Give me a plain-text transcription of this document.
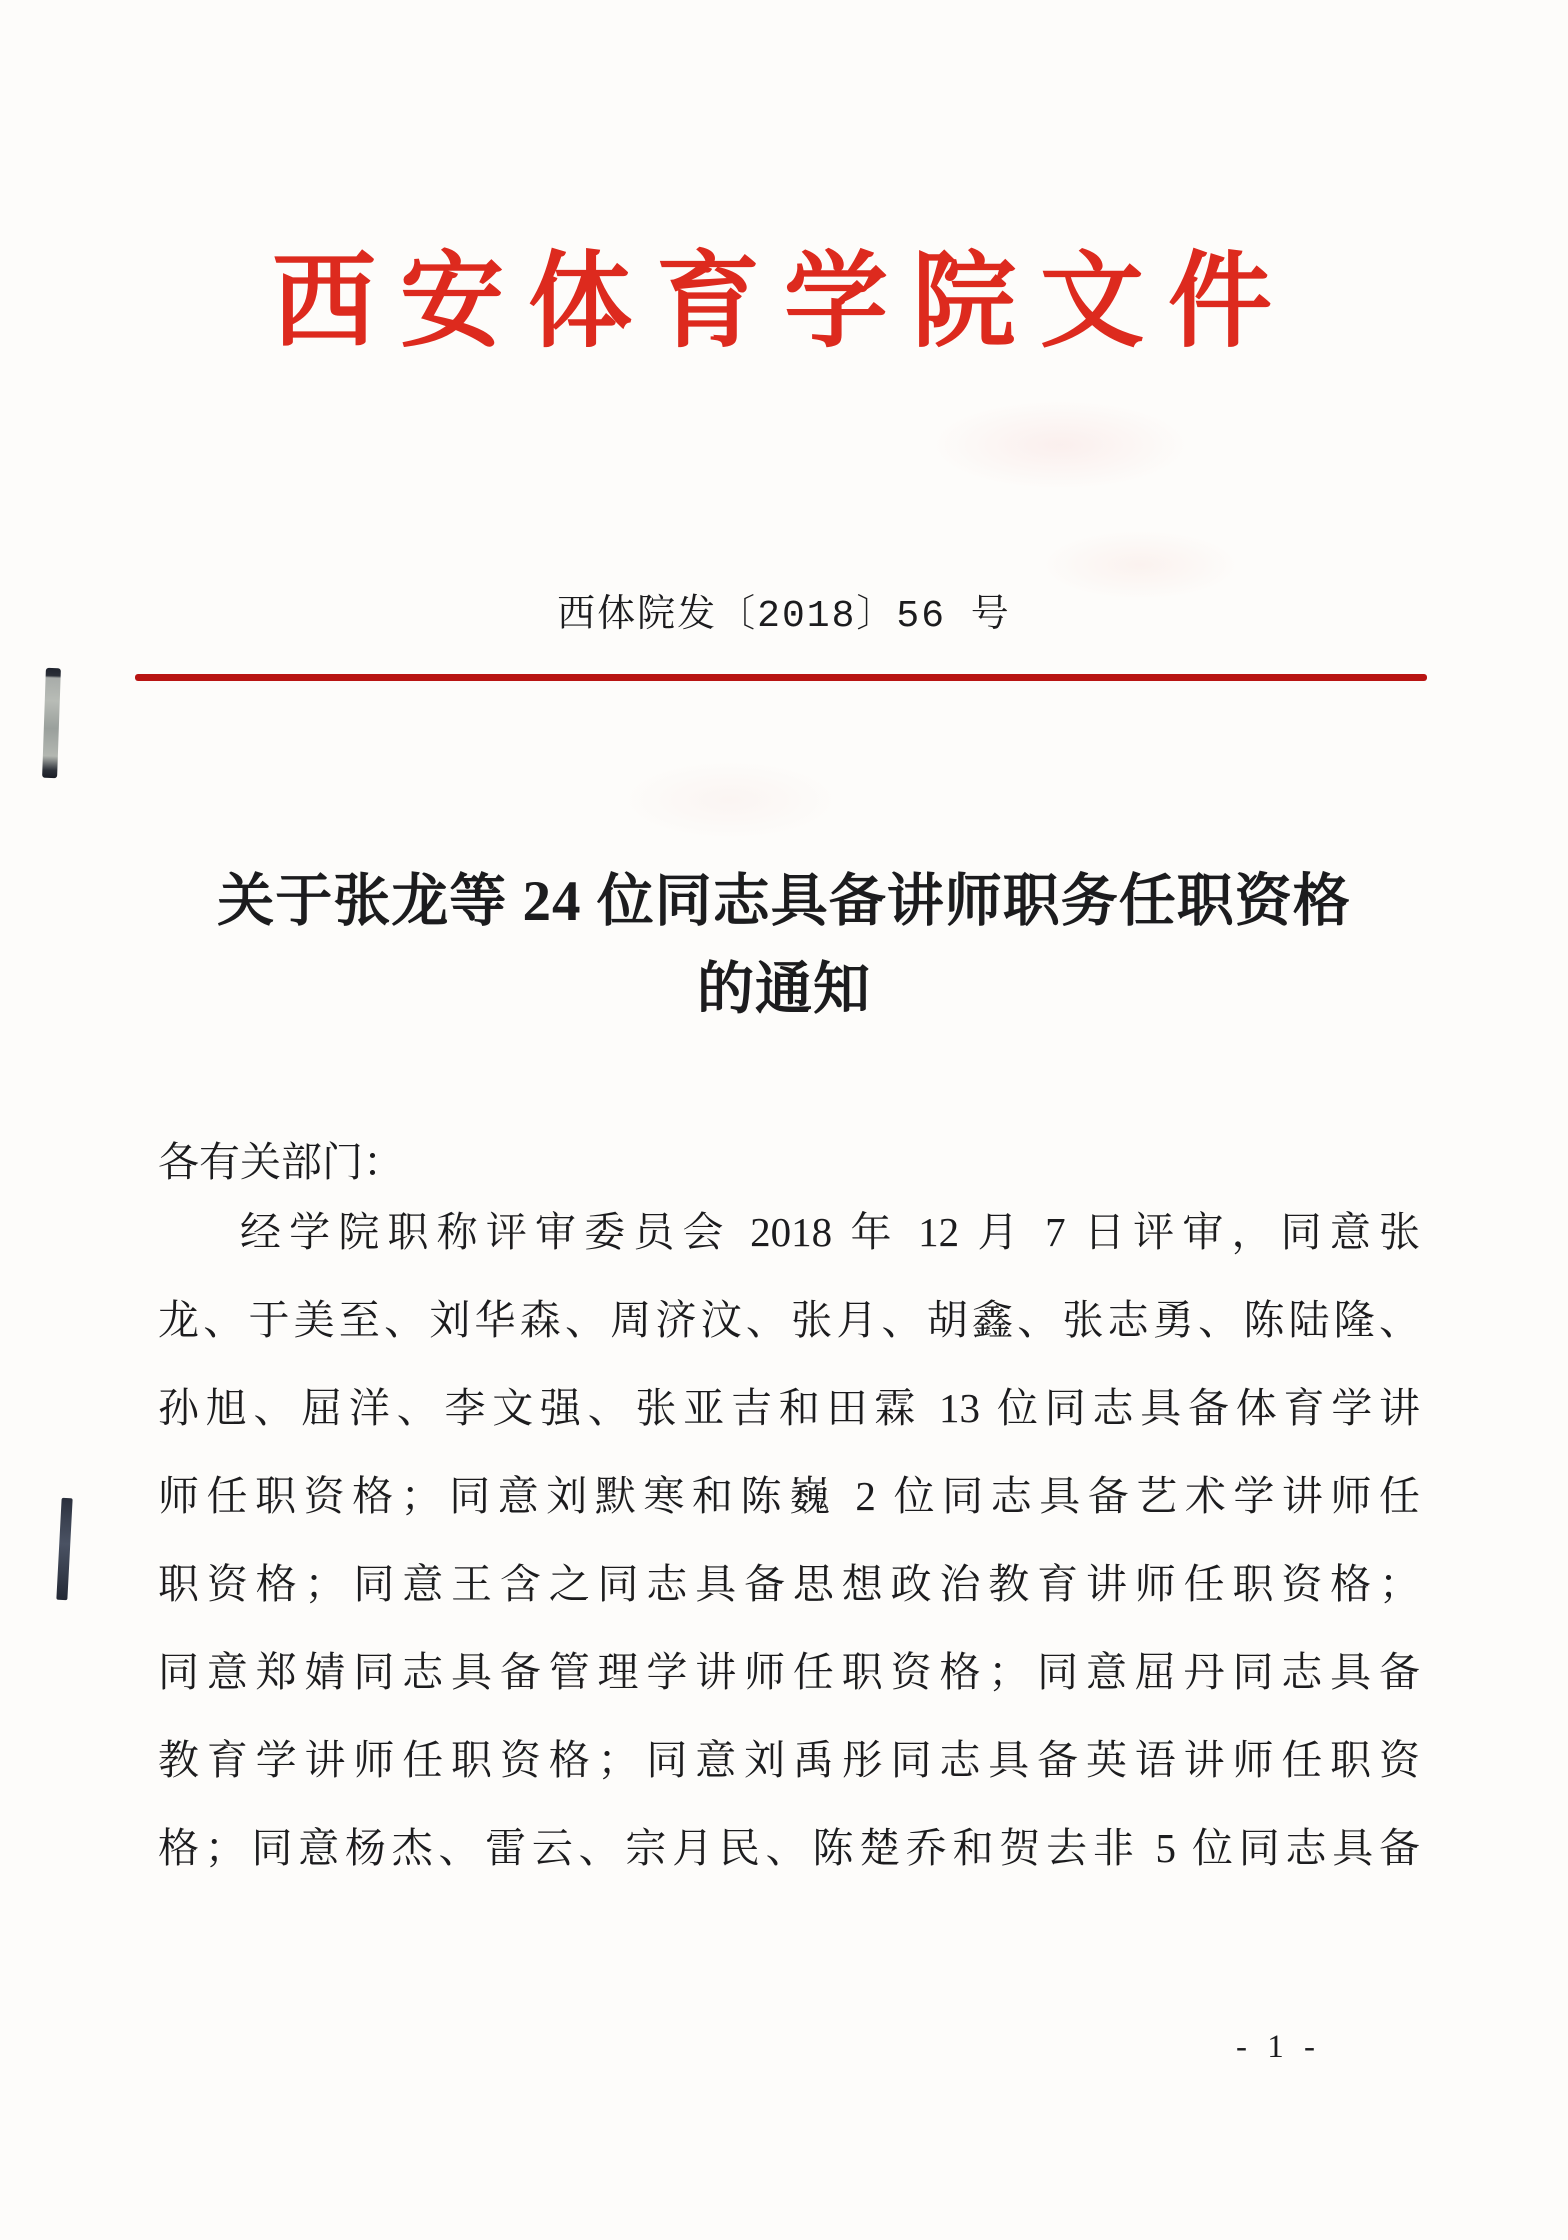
西安体育学院文件
西体院发〔2018〕56 号
关于张龙等 24 位同志具备讲师职务任职资格
的通知
各有关部门：
经学院职称评审委员会 2018 年 12 月 7 日评审，同意张
龙、于美至、刘华森、周济汶、张月、胡鑫、张志勇、陈陆隆、
孙旭、屈洋、李文强、张亚吉和田霖 13 位同志具备体育学讲
师任职资格；同意刘默寒和陈巍 2 位同志具备艺术学讲师任
职资格；同意王含之同志具备思想政治教育讲师任职资格；
同意郑婧同志具备管理学讲师任职资格；同意屈丹同志具备
教育学讲师任职资格；同意刘禹彤同志具备英语讲师任职资
格；同意杨杰、雷云、宗月民、陈楚乔和贺去非 5 位同志具备
- 1 -
